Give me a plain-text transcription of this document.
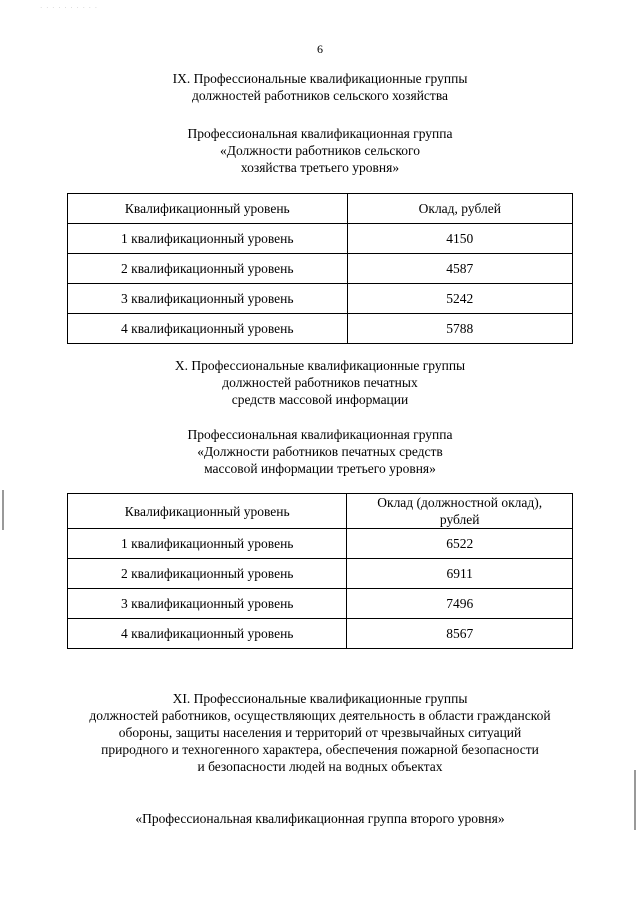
· · · · · · · · · ·
6
IX. Профессиональные квалификационные группы
должностей работников сельского хозяйства
Профессиональная квалификационная группа
«Должности работников сельского
хозяйства третьего уровня»
Квалификационный уровень	Оклад, рублей
1 квалификационный уровень	4150
2 квалификационный уровень	4587
3 квалификационный уровень	5242
4 квалификационный уровень	5788
X. Профессиональные квалификационные группы
должностей работников печатных
средств массовой информации
Профессиональная квалификационная группа
«Должности работников печатных средств
массовой информации третьего уровня»
Квалификационный уровень	Оклад (должностной оклад),
рублей

1 квалификационный уровень	6522
2 квалификационный уровень	6911
3 квалификационный уровень	7496
4 квалификационный уровень	8567
XI. Профессиональные квалификационные группы
должностей работников, осуществляющих деятельность в области гражданской
обороны, защиты населения и территорий от чрезвычайных ситуаций
природного и техногенного характера, обеспечения пожарной безопасности
и безопасности людей на водных объектах
«Профессиональная квалификационная группа второго уровня»
